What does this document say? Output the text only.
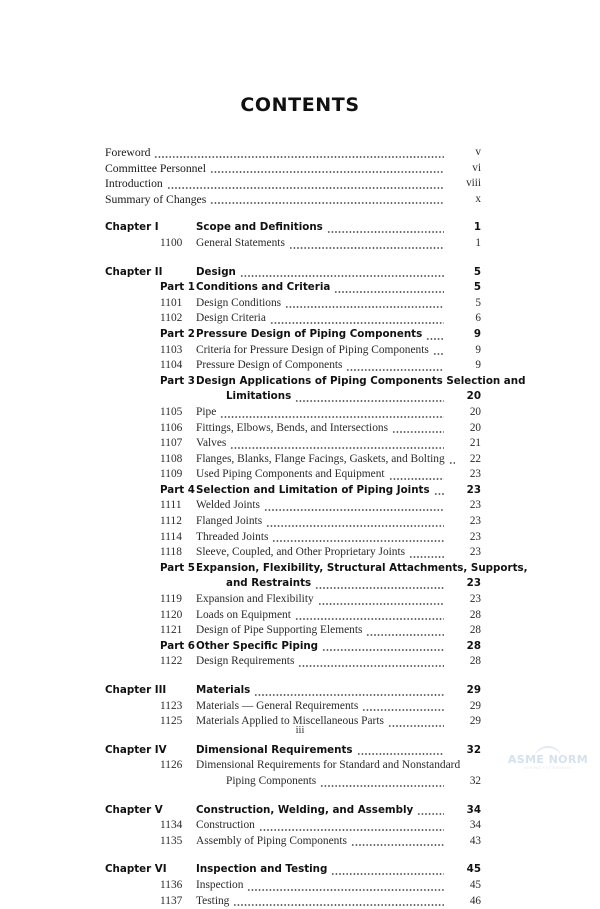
CONTENTS
Foreword	v
Committee Personnel	vi
Introduction	viii
Summary of Changes	x
Chapter I	Scope and Definitions	1
1100	General Statements	1
Chapter II	Design	5
Part 1 Conditions and Criteria	5
1101	Design Conditions	5
1102	Design Criteria	6
Part 2 Pressure Design of Piping Components	9
1103	Criteria for Pressure Design of Piping Components	9
1104	Pressure Design of Components	9
Part 3 Design Applications of Piping Components Selection and
Limitations	20
1105	Pipe	20
1106	Fittings, Elbows, Bends, and Intersections	20
1107	Valves	21
1108	Flanges, Blanks, Flange Facings, Gaskets, and Bolting	22
1109	Used Piping Components and Equipment	23
Part 4 Selection and Limitation of Piping Joints	23
1111	Welded Joints	23
1112	Flanged Joints	23
1114	Threaded Joints	23
1118	Sleeve, Coupled, and Other Proprietary Joints	23
Part 5 Expansion, Flexibility, Structural Attachments, Supports,
and Restraints	23
1119	Expansion and Flexibility	23
1120	Loads on Equipment	28
1121	Design of Pipe Supporting Elements	28
Part 6 Other Specific Piping	28
1122	Design Requirements	28
Chapter III	Materials	29
1123	Materials — General Requirements	29
1125	Materials Applied to Miscellaneous Parts	29
Chapter IV	Dimensional Requirements	32
1126	Dimensional Requirements for Standard and Nonstandard
Piping Components	32
Chapter V	Construction, Welding, and Assembly	34
1134	Construction	34
1135	Assembly of Piping Components	43
Chapter VI	Inspection and Testing	45
1136	Inspection	45
1137	Testing	46
iii
ASME NORM
NORMAS Y ESTANDARES
